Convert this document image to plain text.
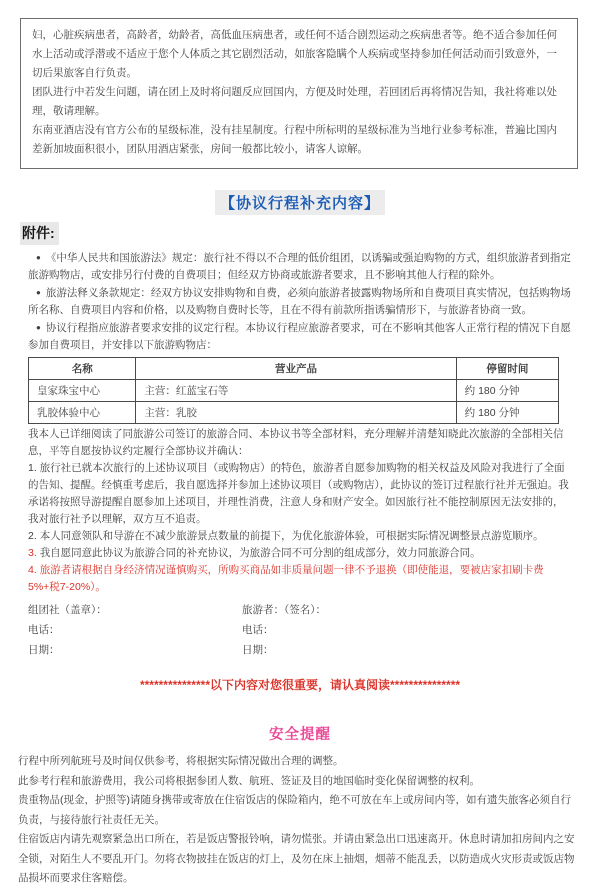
妇，心脏疾病患者，高龄者，幼龄者，高低血压病患者，或任何不适合剧烈运动之疾病患者等。绝不适合参加任何水上活动或浮潜或不适应于您个人体质之其它剧烈活动，如旅客隐瞒个人疾病或坚持参加任何活动而引致意外，一切后果旅客自行负责。

团队进行中若发生问题，请在团上及时将问题反应回国内，方便及时处理，若回团后再将情况告知，我社将难以处理，敬请理解。

东南亚酒店没有官方公布的星级标准，没有挂星制度。行程中所标明的星级标准为当地行业参考标准，普遍比国内差新加坡面积很小，团队用酒店紧张，房间一般都比较小，请客人谅解。

【协议行程补充内容】
附件:

● 《中华人民共和国旅游法》规定：旅行社不得以不合理的低价组团，以诱骗或强迫购物的方式，组织旅游者到指定旅游购物店，或安排另行付费的自费项目；但经双方协商或旅游者要求，且不影响其他人行程的除外。

● 旅游法释义条款规定：经双方协议安排购物和自费，必须向旅游者披露购物场所和自费项目真实情况，包括购物场所名称、自费项目内容和价格，以及购物自费时长等，且在不得有前款所指诱骗情形下，与旅游者协商一致。

● 协议行程指应旅游者要求安排的议定行程。本协议行程应旅游者要求，可在不影响其他客人正常行程的情况下自愿参加自费项目，并安排以下旅游购物店：

名称	营业产品	停留时间
皇家珠宝中心	主营：红蓝宝石等	约 180 分钟
乳胶体验中心	主营：乳胶	约 180 分钟

我本人已详细阅读了同旅游公司签订的旅游合同、本协议书等全部材料，充分理解并清楚知晓此次旅游的全部相关信息，平等自愿按协议约定履行全部协议并确认：

1. 旅行社已就本次旅行的上述协议项目（或购物店）的特色，旅游者自愿参加购物的相关权益及风险对我进行了全面的告知、提醒。经慎重考虑后，我自愿选择并参加上述协议项目（或购物店），此协议的签订过程旅行社并无强迫。我承诺将按照导游提醒自愿参加上述项目，并理性消费，注意人身和财产安全。如因旅行社不能控制原因无法安排的，我对旅行社予以理解，双方互不追责。

2. 本人同意领队和导游在不减少旅游景点数量的前提下，为优化旅游体验，可根据实际情况调整景点游览顺序。

3. 我自愿同意此协议为旅游合同的补充协议，为旅游合同不可分割的组成部分，效力同旅游合同。

4. 旅游者请根据自身经济情况谨慎购买，所购买商品如非质量问题一律不予退换（即使能退，要被店家扣刷卡费 5%+税7-20%）。

组团社（盖章）：

电话：

日期：

旅游者：（签名）：

电话：

日期：

***************以下内容对您很重要，请认真阅读***************
安全提醒

行程中所列航班号及时间仅供参考，将根据实际情况做出合理的调整。

此参考行程和旅游费用，我公司将根据参团人数、航班、签证及目的地国临时变化保留调整的权利。

贵重物品(现金，护照等)请随身携带或寄放在住宿饭店的保险箱内，绝不可放在车上或房间内等，如有遗失旅客必须自行负责，与接待旅行社责任无关。

住宿饭店内请先观察紧急出口所在，若是饭店警报铃响，请勿慌张。并请由紧急出口迅速离开。休息时请加扣房间内之安全锁，对陌生人不要乱开门。勿将衣物披挂在饭店的灯上，及勿在床上抽烟，烟蒂不能乱丢，以防造成火灾形责或饭店物品损坏而要求住客赔偿。
